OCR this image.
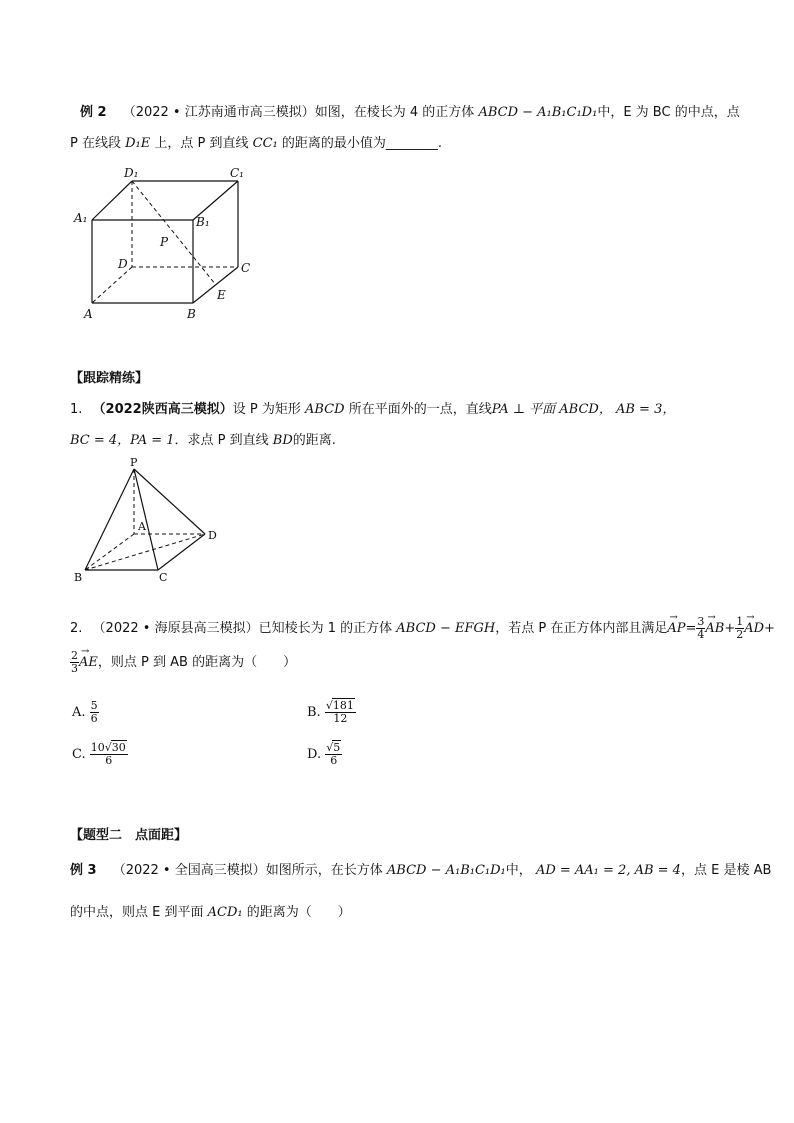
例 2 （2022 • 江苏南通市高三模拟）如图，在棱长为 4 的正方体 ABCD − A₁B₁C₁D₁中，E 为 BC 的中点，点
P 在线段 D₁E 上，点 P 到直线 CC₁ 的距离的最小值为________.
D₁	C₁
A₁	B₁
P
D	C
E
A	B
【跟踪精练】
1. （2022陕西高三模拟）设 P 为矩形 ABCD 所在平面外的一点，直线PA ⊥ 平面 ABCD， AB = 3，
BC = 4，PA = 1．求点 P 到直线 BD的距离.
P
A
D
B	C
2. （2022 • 海原县高三模拟）已知棱长为 1 的正方体 ABCD − EFGH，若点 P 在正方体内部且满足→ $AP= \frac{3}{4}$
→ $AB+ \frac{1}{2}$
→ AD+
$\frac{2}{3}$
→ AE，则点 P 到 AB 的距离为（　　）
A. $\frac{5}{6}$	B. $\frac{√181}{12}$
C. $\frac{10√30}{6}$	D. $\frac{√5}{6}$
【题型二　点面距】
例 3 （2022 • 全国高三模拟）如图所示，在长方体 ABCD − A₁B₁C₁D₁中， AD = AA₁ = 2, AB = 4，点 E 是棱 AB
的中点，则点 E 到平面 ACD₁ 的距离为（　　）
